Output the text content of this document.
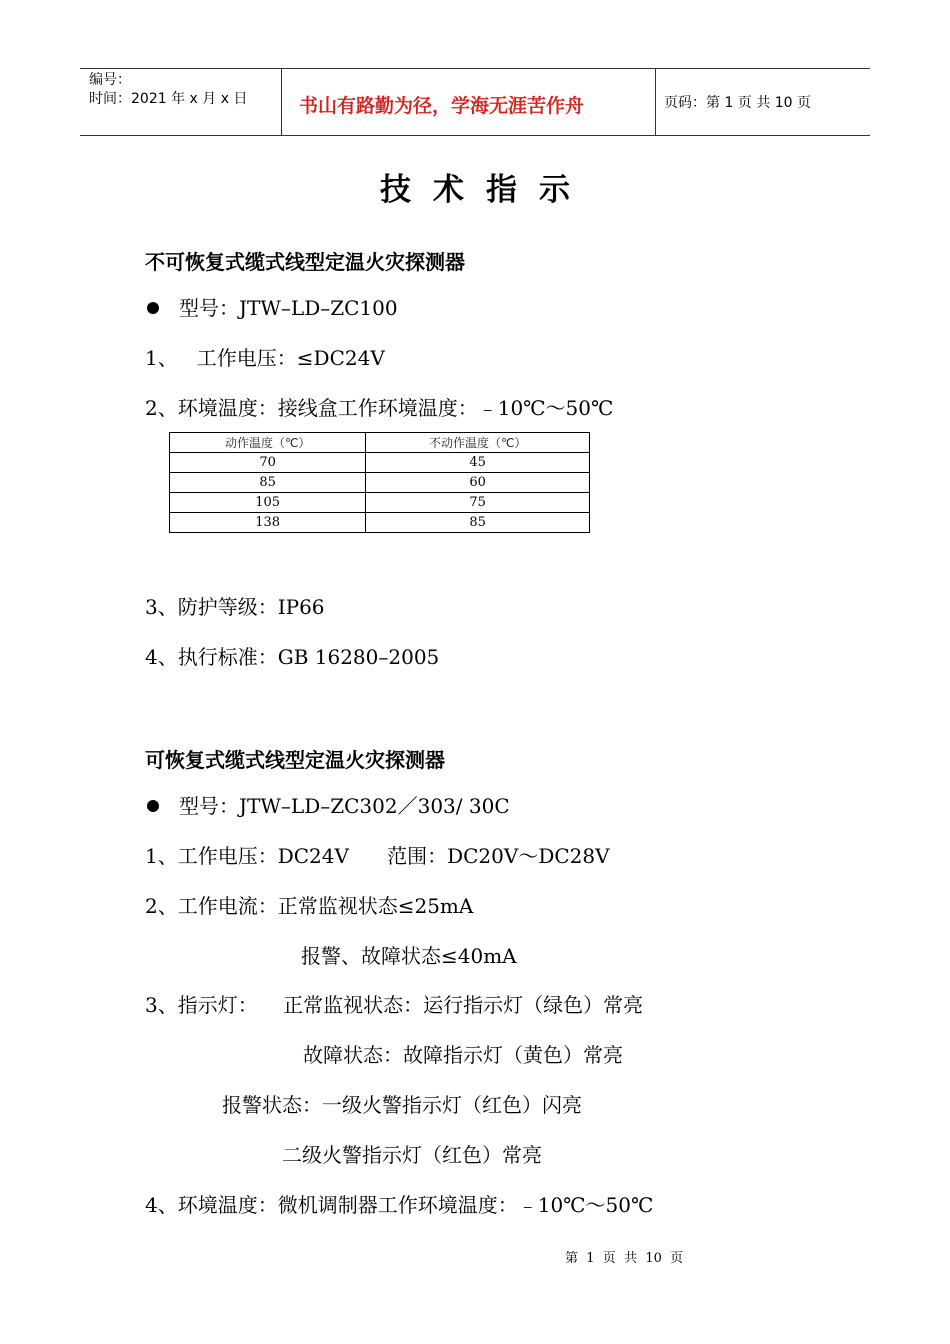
编号：
时间：2021 年 x 月 x 日	书山有路勤为径，学海无涯苦作舟	页码：第 1 页 共 10 页
技术指示
不可恢复式缆式线型定温火灾探测器
型号：JTW–LD–ZC100
1、   工作电压：≤DC24V
2、环境温度：接线盒工作环境温度：﹣10℃～50℃
动作温度（℃）	不动作温度（℃）
70	45
85	60
105	75
138	85
3、防护等级：IP66
4、执行标准：GB 16280–2005
可恢复式缆式线型定温火灾探测器
型号：JTW–LD–ZC302／303/ 30C
1、工作电压：DC24V      范围：DC20V～DC28V
2、工作电流：正常监视状态≤25mA
报警、故障状态≤40mA
3、指示灯：    正常监视状态：运行指示灯（绿色）常亮
故障状态：故障指示灯（黄色）常亮
报警状态：一级火警指示灯（红色）闪亮
二级火警指示灯（红色）常亮
4、环境温度：微机调制器工作环境温度：﹣10℃～50℃
第  1  页  共  10  页
